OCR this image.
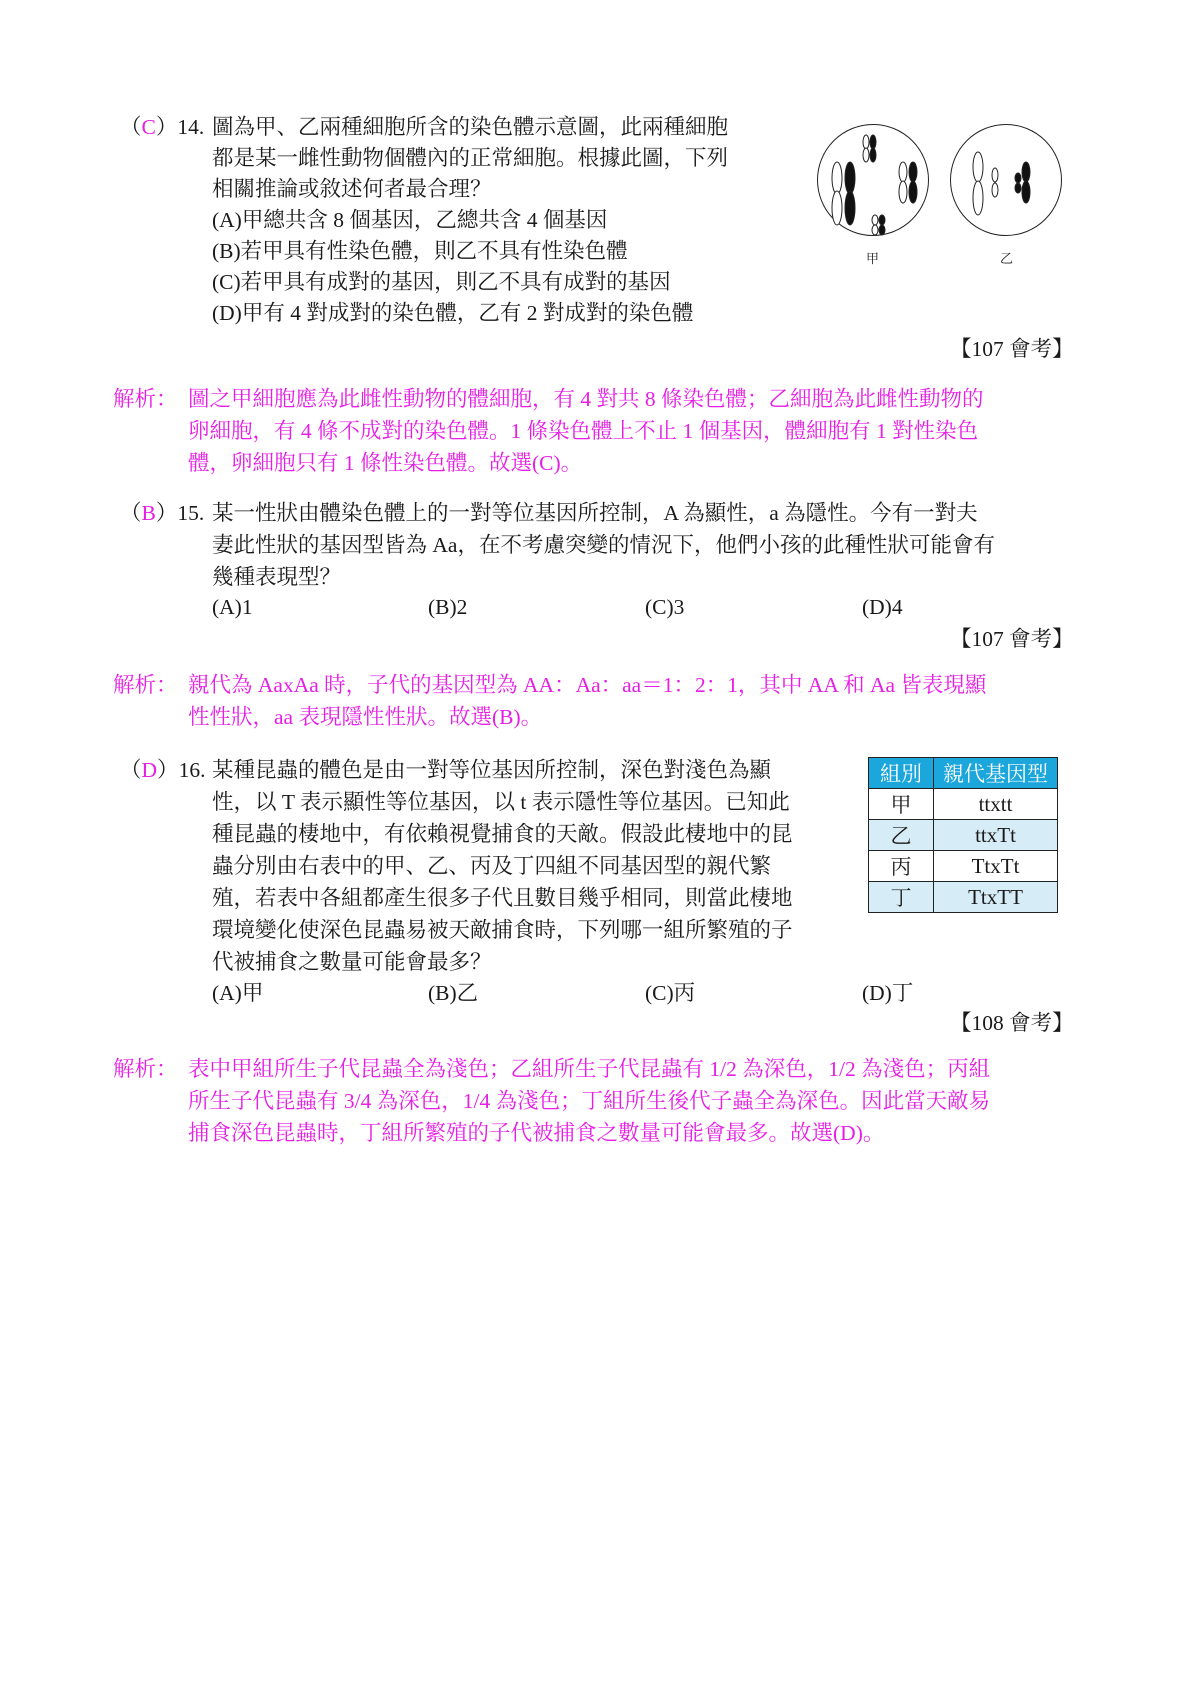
（C）14. 圖為甲、乙兩種細胞所含的染色體示意圖，此兩種細胞
都是某一雌性動物個體內的正常細胞。根據此圖，下列
相關推論或敘述何者最合理？
(A)甲總共含 8 個基因，乙總共含 4 個基因
(B)若甲具有性染色體，則乙不具有性染色體
(C)若甲具有成對的基因，則乙不具有成對的基因
(D)甲有 4 對成對的染色體，乙有 2 對成對的染色體
甲	乙
【107 會考】
解析： 圖之甲細胞應為此雌性動物的體細胞，有 4 對共 8 條染色體；乙細胞為此雌性動物的
卵細胞，有 4 條不成對的染色體。1 條染色體上不止 1 個基因，體細胞有 1 對性染色
體，卵細胞只有 1 條性染色體。故選(C)。
（B）15. 某一性狀由體染色體上的一對等位基因所控制，A 為顯性，a 為隱性。今有一對夫
妻此性狀的基因型皆為 Aa，在不考慮突變的情況下，他們小孩的此種性狀可能會有
幾種表現型？
(A)1	(B)2	(C)3	(D)4
【107 會考】
解析： 親代為 AaxAa 時，子代的基因型為 AA：Aa：aa＝1：2：1，其中 AA 和 Aa 皆表現顯
性性狀，aa 表現隱性性狀。故選(B)。
（D）16. 某種昆蟲的體色是由一對等位基因所控制，深色對淺色為顯
性，以 T 表示顯性等位基因，以 t 表示隱性等位基因。已知此
種昆蟲的棲地中，有依賴視覺捕食的天敵。假設此棲地中的昆
蟲分別由右表中的甲、乙、丙及丁四組不同基因型的親代繁
殖，若表中各組都產生很多子代且數目幾乎相同，則當此棲地
環境變化使深色昆蟲易被天敵捕食時，下列哪一組所繁殖的子
代被捕食之數量可能會最多？
(A)甲	(B)乙	(C)丙	(D)丁
組別	親代基因型
甲	ttxtt
乙	ttxTt
丙	TtxTt
丁	TtxTT
【108 會考】
解析： 表中甲組所生子代昆蟲全為淺色；乙組所生子代昆蟲有 1/2 為深色，1/2 為淺色；丙組
所生子代昆蟲有 3/4 為深色，1/4 為淺色；丁組所生後代子蟲全為深色。因此當天敵易
捕食深色昆蟲時，丁組所繁殖的子代被捕食之數量可能會最多。故選(D)。
